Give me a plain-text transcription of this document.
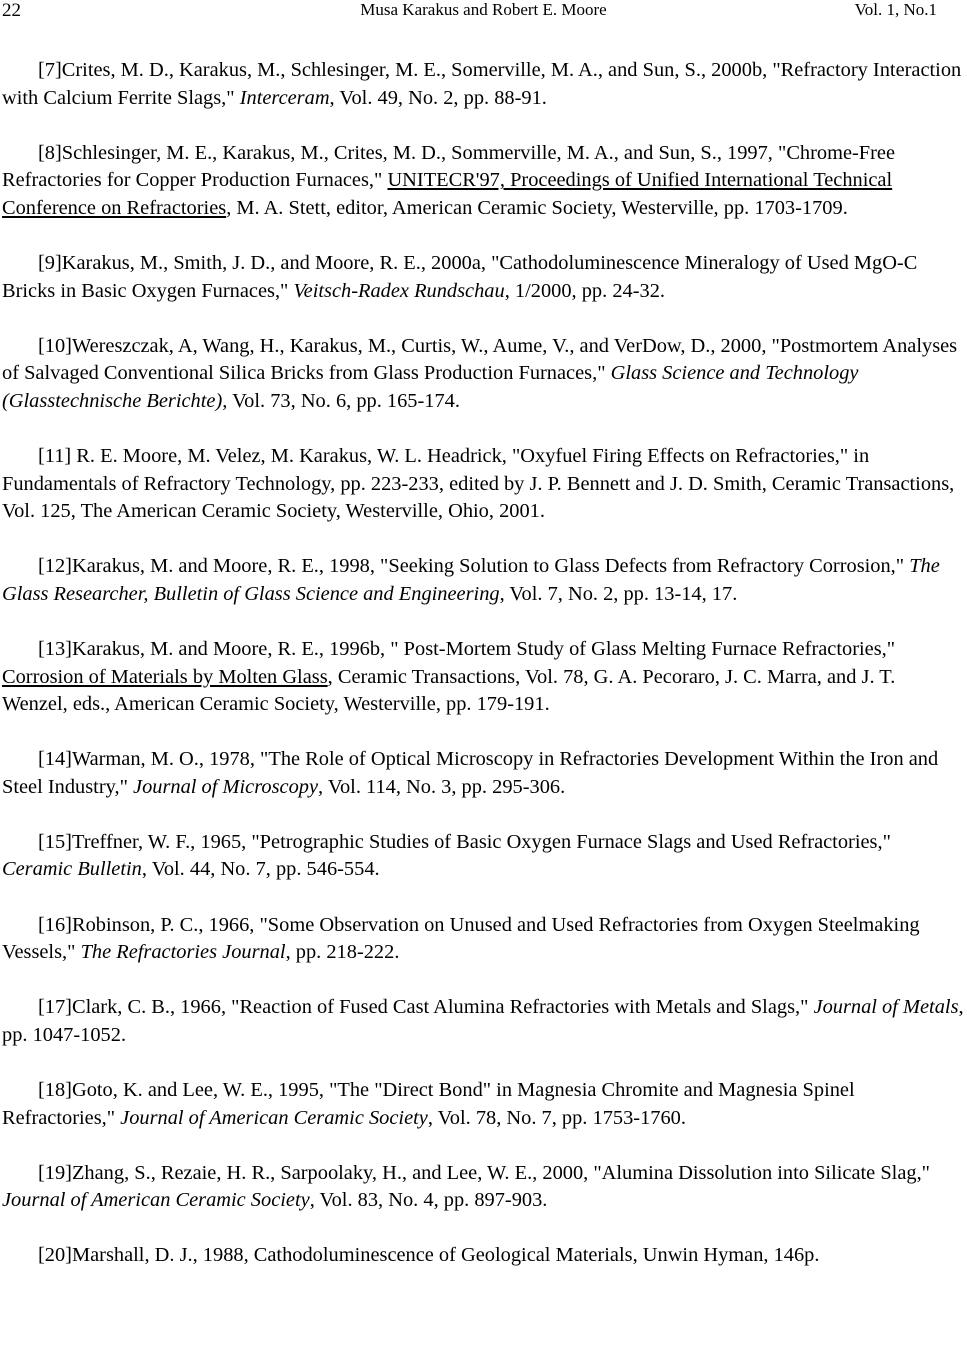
22	Musa Karakus and Robert E. Moore	Vol. 1, No.1

[7]Crites, M. D., Karakus, M., Schlesinger, M. E., Somerville, M. A., and Sun, S., 2000b, "Refractory Interaction with Calcium Ferrite Slags," Interceram, Vol. 49, No. 2, pp. 88-91.

[8]Schlesinger, M. E., Karakus, M., Crites, M. D., Sommerville, M. A., and Sun, S., 1997, "Chrome-Free Refractories for Copper Production Furnaces," UNITECR'97, Proceedings of Unified International Technical Conference on Refractories, M. A. Stett, editor, American Ceramic Society, Westerville, pp. 1703-1709.

[9]Karakus, M., Smith, J. D., and Moore, R. E., 2000a, "Cathodoluminescence Mineralogy of Used MgO-C Bricks in Basic Oxygen Furnaces," Veitsch-Radex Rundschau, 1/2000, pp. 24-32.

[10]Wereszczak, A, Wang, H., Karakus, M., Curtis, W., Aume, V., and VerDow, D., 2000, "Postmortem Analyses of Salvaged Conventional Silica Bricks from Glass Production Furnaces," Glass Science and Technology (Glasstechnische Berichte), Vol. 73, No. 6, pp. 165-174.

[11] R. E. Moore, M. Velez, M. Karakus, W. L. Headrick, "Oxyfuel Firing Effects on Refractories," in Fundamentals of Refractory Technology, pp. 223-233, edited by J. P. Bennett and J. D. Smith, Ceramic Transactions, Vol. 125, The American Ceramic Society, Westerville, Ohio, 2001.

[12]Karakus, M. and Moore, R. E., 1998, "Seeking Solution to Glass Defects from Refractory Corrosion," The Glass Researcher, Bulletin of Glass Science and Engineering, Vol. 7, No. 2, pp. 13-14, 17.

[13]Karakus, M. and Moore, R. E., 1996b, " Post-Mortem Study of Glass Melting Furnace Refractories," Corrosion of Materials by Molten Glass, Ceramic Transactions, Vol. 78, G. A. Pecoraro, J. C. Marra, and J. T. Wenzel, eds., American Ceramic Society, Westerville, pp. 179-191.

[14]Warman, M. O., 1978, "The Role of Optical Microscopy in Refractories Development Within the Iron and Steel Industry," Journal of Microscopy, Vol. 114, No. 3, pp. 295-306.

[15]Treffner, W. F., 1965, "Petrographic Studies of Basic Oxygen Furnace Slags and Used Refractories," Ceramic Bulletin, Vol. 44, No. 7, pp. 546-554.

[16]Robinson, P. C., 1966, "Some Observation on Unused and Used Refractories from Oxygen Steelmaking Vessels," The Refractories Journal, pp. 218-222.

[17]Clark, C. B., 1966, "Reaction of Fused Cast Alumina Refractories with Metals and Slags," Journal of Metals, pp. 1047-1052.

[18]Goto, K. and Lee, W. E., 1995, "The "Direct Bond" in Magnesia Chromite and Magnesia Spinel Refractories," Journal of American Ceramic Society, Vol. 78, No. 7, pp. 1753-1760.

[19]Zhang, S., Rezaie, H. R., Sarpoolaky, H., and Lee, W. E., 2000, "Alumina Dissolution into Silicate Slag," Journal of American Ceramic Society, Vol. 83, No. 4, pp. 897-903.

[20]Marshall, D. J., 1988, Cathodoluminescence of Geological Materials, Unwin Hyman, 146p.
